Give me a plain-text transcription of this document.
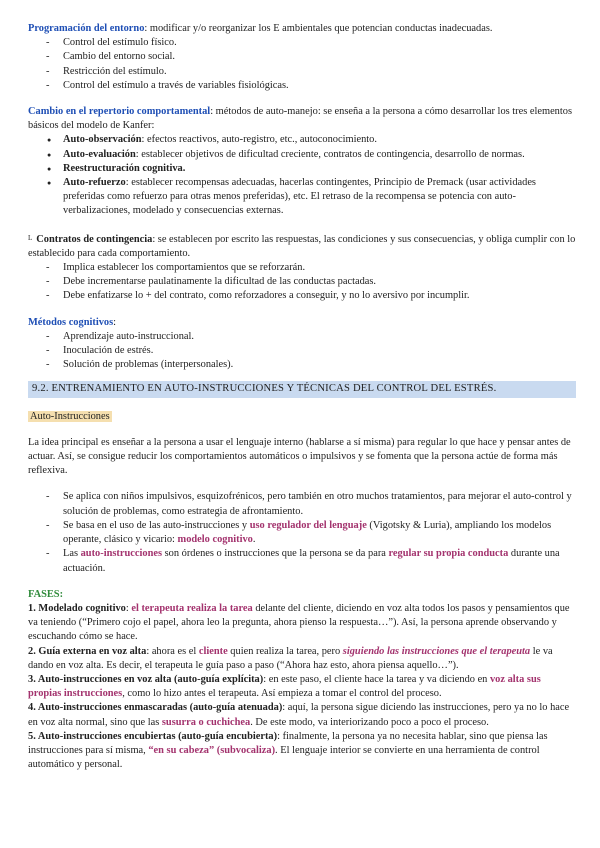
Programación del entorno: modificar y/o reorganizar los E ambientales que potencian conductas inadecuadas.

- Control del estímulo físico.
- Cambio del entorno social.
- Restricción del estímulo.
- Control del estímulo a través de variables fisiológicas.

Cambio en el repertorio comportamental: métodos de auto-manejo: se enseña a la persona a cómo desarrollar los tres elementos básicos del modelo de Kanfer:

● Auto-observación: efectos reactivos, auto-registro, etc., autoconocimiento.
● Auto-evaluación: establecer objetivos de dificultad creciente, contratos de contingencia, desarrollo de normas.
● Reestructuración cognitiva.
● Auto-refuerzo: establecer recompensas adecuadas, hacerlas contingentes, Principio de Premack (usar actividades preferidas como refuerzo para otras menos preferidas), etc. El retraso de la recompensa se potencia con auto-verbalizaciones, modelado y consecuencias externas.

L Contratos de contingencia: se establecen por escrito las respuestas, las condiciones y sus consecuencias, y obliga cumplir con lo establecido para cada comportamiento.

- Implica establecer los comportamientos que se reforzarán.
- Debe incrementarse paulatinamente la dificultad de las conductas pactadas.
- Debe enfatizarse lo + del contrato, como reforzadores a conseguir, y no lo aversivo por incumplir.

Métodos cognitivos:

- Aprendizaje auto-instruccional.
- Inoculación de estrés.
- Solución de problemas (interpersonales).

9.2. ENTRENAMIENTO EN AUTO-INSTRUCCIONES Y TÉCNICAS DEL CONTROL DEL ESTRÉS.

Auto-Instrucciones

La idea principal es enseñar a la persona a usar el lenguaje interno (hablarse a sí misma) para regular lo que hace y pensar antes de actuar. Así, se consigue reducir los comportamientos automáticos o impulsivos y se fomenta que la persona actúe de forma más reflexiva.

- Se aplica con niños impulsivos, esquizofrénicos, pero también en otro muchos tratamientos, para mejorar el auto-control y solución de problemas, como estrategia de afrontamiento.
- Se basa en el uso de las auto-instrucciones y uso regulador del lenguaje (Vigotsky & Luria), ampliando los modelos operante, clásico y vicario: modelo cognitivo.
- Las auto-instrucciones son órdenes o instrucciones que la persona se da para regular su propia conducta durante una actuación.

FASES:

1. Modelado cognitivo: el terapeuta realiza la tarea delante del cliente, diciendo en voz alta todos los pasos y pensamientos que va teniendo (“Primero cojo el papel, ahora leo la pregunta, ahora pienso la respuesta…”). Así, la persona aprende observando y escuchando cómo se hace.

2. Guía externa en voz alta: ahora es el cliente quien realiza la tarea, pero siguiendo las instrucciones que el terapeuta le va dando en voz alta. Es decir, el terapeuta le guía paso a paso (“Ahora haz esto, ahora piensa aquello…”).

3. Auto-instrucciones en voz alta (auto-guía explícita): en este paso, el cliente hace la tarea y va diciendo en voz alta sus propias instrucciones, como lo hizo antes el terapeuta. Así empieza a tomar el control del proceso.

4. Auto-instrucciones enmascaradas (auto-guía atenuada): aquí, la persona sigue diciendo las instrucciones, pero ya no lo hace en voz alta normal, sino que las susurra o cuchichea. De este modo, va interiorizando poco a poco el proceso.

5. Auto-instrucciones encubiertas (auto-guía encubierta): finalmente, la persona ya no necesita hablar, sino que piensa las instrucciones para sí misma, “en su cabeza” (subvocaliza). El lenguaje interior se convierte en una herramienta de control automático y personal.
